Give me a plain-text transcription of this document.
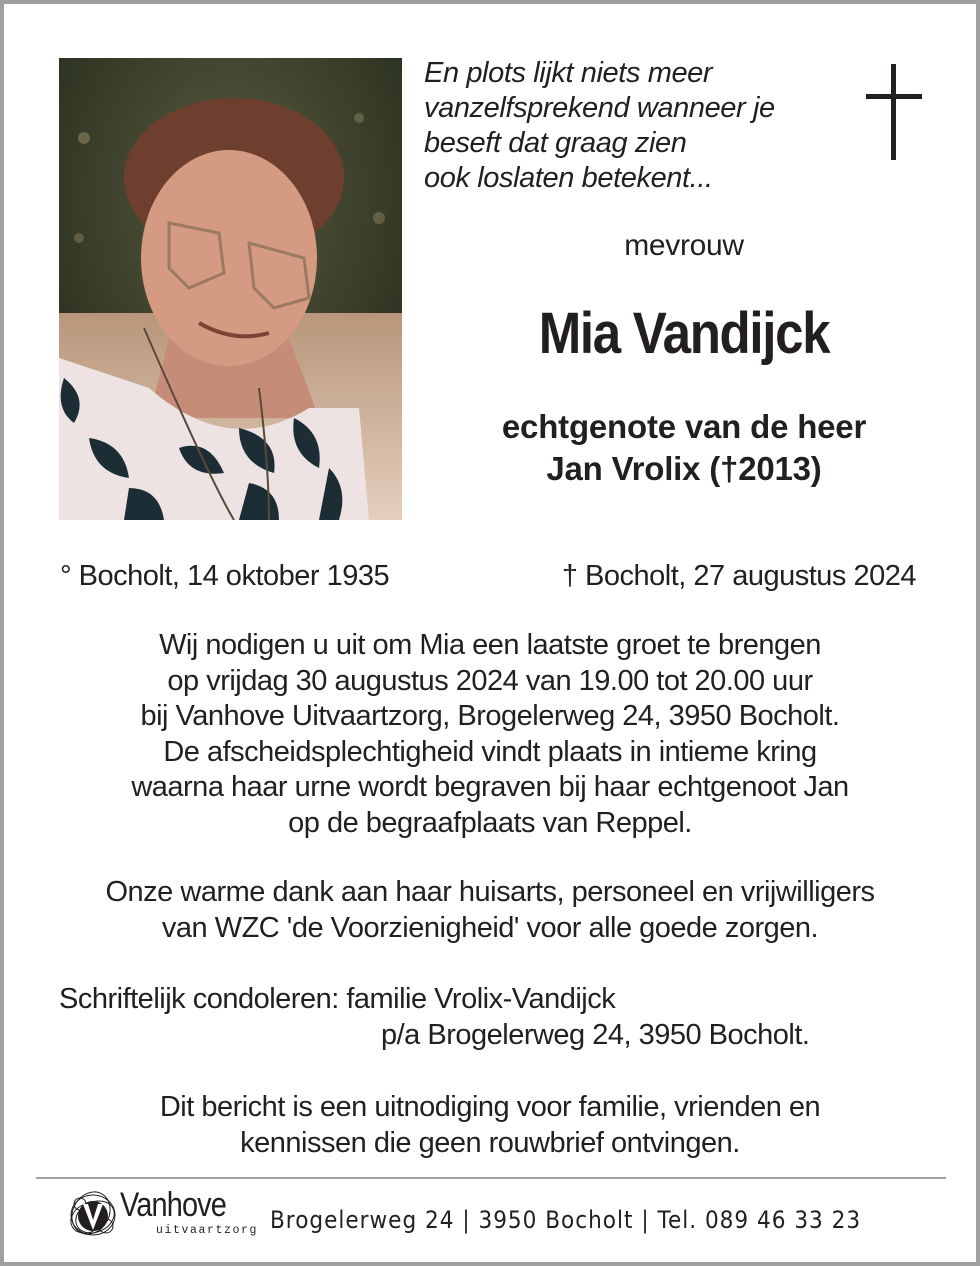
En plots lijkt niets meer
vanzelfsprekend wanneer je
beseft dat graag zien
ook loslaten betekent...
mevrouw
Mia Vandijck
echtgenote van de heer
Jan Vrolix (†2013)
° Bocholt, 14 oktober 1935	† Bocholt, 27 augustus 2024
Wij nodigen u uit om Mia een laatste groet te brengen
op vrijdag 30 augustus 2024 van 19.00 tot 20.00 uur
bij Vanhove Uitvaartzorg, Brogelerweg 24, 3950 Bocholt.
De afscheidsplechtigheid vindt plaats in intieme kring
waarna haar urne wordt begraven bij haar echtgenoot Jan
op de begraafplaats van Reppel.
Onze warme dank aan haar huisarts, personeel en vrijwilligers
van WZC 'de Voorzienigheid' voor alle goede zorgen.
Schriftelijk condoleren: familie Vrolix-Vandijck
p/a Brogelerweg 24, 3950 Bocholt.
Dit bericht is een uitnodiging voor familie, vrienden en
kennissen die geen rouwbrief ontvingen.
Vanhove
uitvaartzorg Brogelerweg 24 | 3950 Bocholt | Tel. 089 46 33 23
